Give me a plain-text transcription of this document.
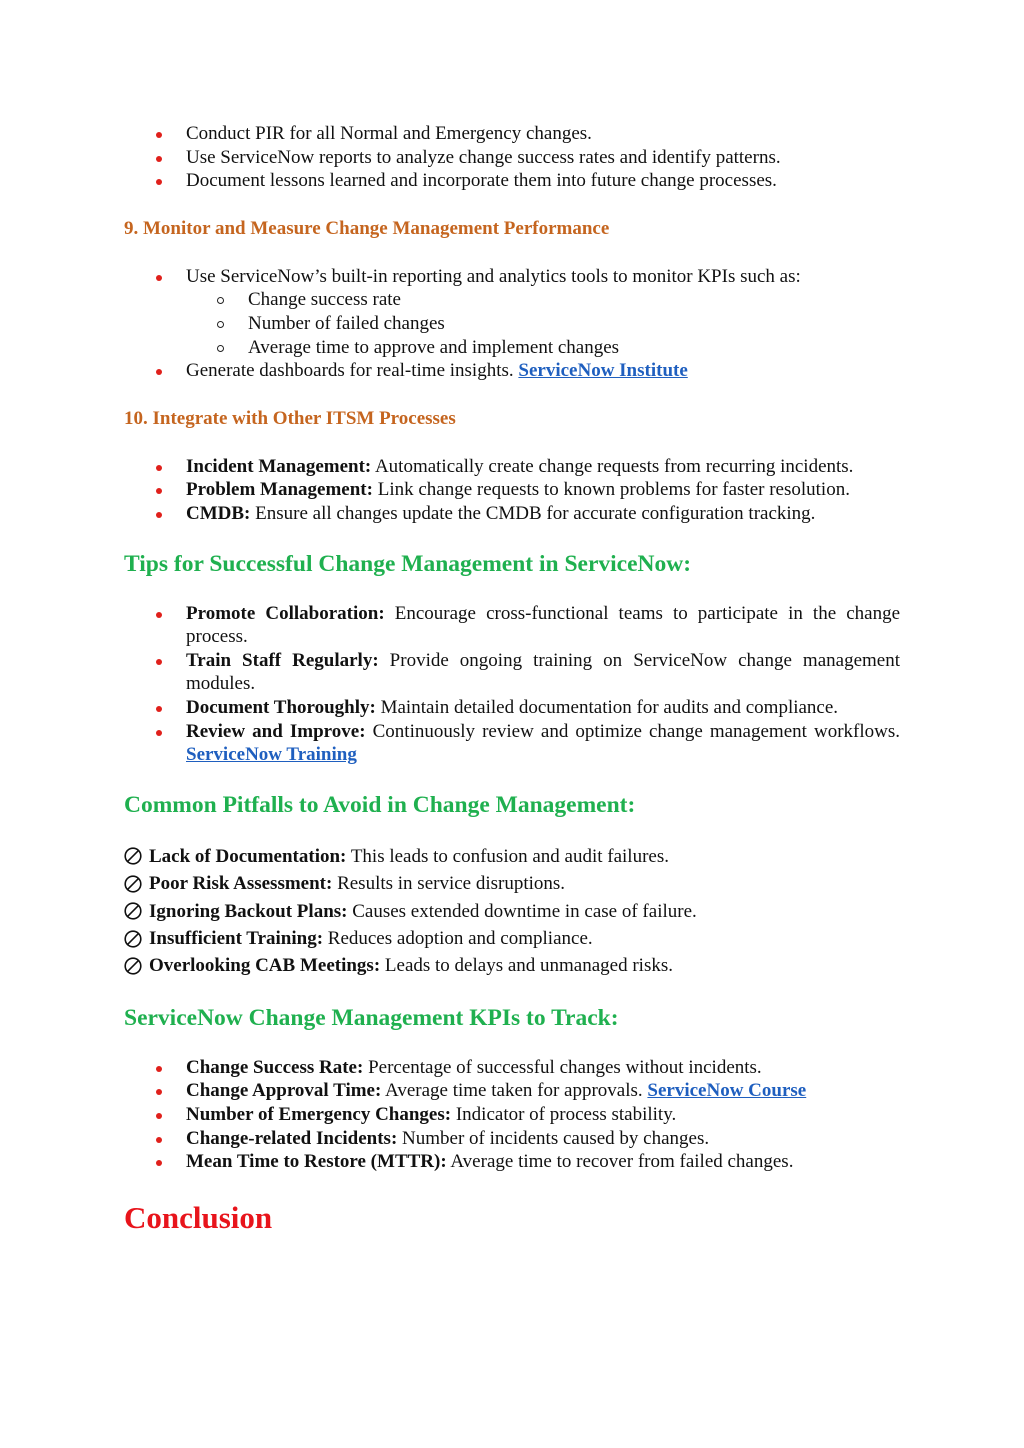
Conduct PIR for all Normal and Emergency changes.
Use ServiceNow reports to analyze change success rates and identify patterns.
Document lessons learned and incorporate them into future change processes.
9. Monitor and Measure Change Management Performance
Use ServiceNow’s built-in reporting and analytics tools to monitor KPIs such as:
Change success rate
Number of failed changes
Average time to approve and implement changes
Generate dashboards for real-time insights. ServiceNow Institute
10. Integrate with Other ITSM Processes
Incident Management: Automatically create change requests from recurring incidents.
Problem Management: Link change requests to known problems for faster resolution.
CMDB: Ensure all changes update the CMDB for accurate configuration tracking.
Tips for Successful Change Management in ServiceNow:
Promote Collaboration: Encourage cross-functional teams to participate in the change process.
Train Staff Regularly: Provide ongoing training on ServiceNow change management modules.
Document Thoroughly: Maintain detailed documentation for audits and compliance.
Review and Improve: Continuously review and optimize change management workflows. ServiceNow Training
Common Pitfalls to Avoid in Change Management:
Lack of Documentation: This leads to confusion and audit failures.
Poor Risk Assessment: Results in service disruptions.
Ignoring Backout Plans: Causes extended downtime in case of failure.
Insufficient Training: Reduces adoption and compliance.
Overlooking CAB Meetings: Leads to delays and unmanaged risks.
ServiceNow Change Management KPIs to Track:
Change Success Rate: Percentage of successful changes without incidents.
Change Approval Time: Average time taken for approvals. ServiceNow Course
Number of Emergency Changes: Indicator of process stability.
Change-related Incidents: Number of incidents caused by changes.
Mean Time to Restore (MTTR): Average time to recover from failed changes.
Conclusion
